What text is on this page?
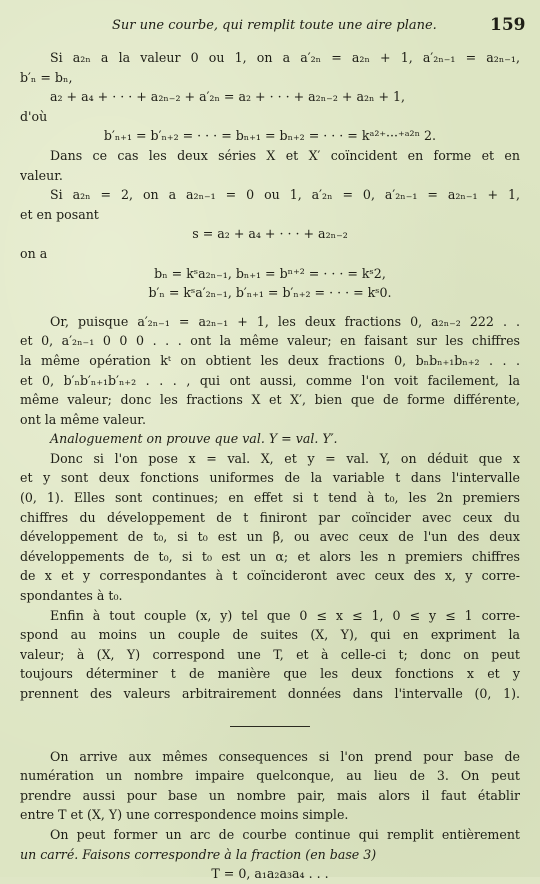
Sur une courbe, qui remplit toute une aire plane.	159
Si a₂ₙ a la valeur 0 ou 1, on a a′₂ₙ = a₂ₙ + 1, a′₂ₙ₋₁ = a₂ₙ₋₁,
b′ₙ = bₙ,
a₂ + a₄ + · · · + a₂ₙ₋₂ + a′₂ₙ = a₂ + · · · + a₂ₙ₋₂ + a₂ₙ + 1,
d'où
b′ₙ₊₁ = b′ₙ₊₂ = · · · = bₙ₊₁ = bₙ₊₂ = · · · = kᵃ²⁺···⁺ᵃ²ⁿ 2.
Dans ce cas les deux séries X et X′ coïncident en forme et en
valeur.
Si a₂ₙ = 2, on a a₂ₙ₋₁ = 0 ou 1, a′₂ₙ = 0, a′₂ₙ₋₁ = a₂ₙ₋₁ + 1,
et en posant
s = a₂ + a₄ + · · · + a₂ₙ₋₂
on a
bₙ = kˢa₂ₙ₋₁, bₙ₊₁ = bⁿ⁺² = · · · = kˢ2,
b′ₙ = kˢa′₂ₙ₋₁, b′ₙ₊₁ = b′ₙ₊₂ = · · · = kˢ0.
Or, puisque a′₂ₙ₋₁ = a₂ₙ₋₁ + 1, les deux fractions 0, a₂ₙ₋₂ 222 . .
et 0, a′₂ₙ₋₁ 0 0 0 . . . ont la même valeur; en faisant sur les chiffres
la même opération kᵗ on obtient les deux fractions 0, bₙbₙ₊₁bₙ₊₂ . . .
et 0, b′ₙb′ₙ₊₁b′ₙ₊₂ . . . , qui ont aussi, comme l'on voit facilement, la
même valeur; donc les fractions X et X′, bien que de forme différente,
ont la même valeur.
Analoguement on prouve que val. Y = val. Y′.
Donc si l'on pose x = val. X, et y = val. Y, on déduit que x
et y sont deux fonctions uniformes de la variable t dans l'intervalle
(0, 1). Elles sont continues; en effet si t tend à t₀, les 2n premiers
chiffres du développement de t finiront par coïncider avec ceux du
développement de t₀, si t₀ est un β, ou avec ceux de l'un des deux
développements de t₀, si t₀ est un α; et alors les n premiers chiffres
de x et y correspondantes à t coïncideront avec ceux des x, y corre-
spondantes à t₀.
Enfin à tout couple (x, y) tel que 0 ≤ x ≤ 1, 0 ≤ y ≤ 1 corre-
spond au moins un couple de suites (X, Y), qui en expriment la
valeur; à (X, Y) correspond une T, et à celle-ci t; donc on peut
toujours déterminer t de manière que les deux fonctions x et y
prennent des valeurs arbitrairement données dans l'intervalle (0, 1).
On arrive aux mêmes consequences si l'on prend pour base de
numération un nombre impaire quelconque, au lieu de 3. On peut
prendre aussi pour base un nombre pair, mais alors il faut établir
entre T et (X, Y) une correspondence moins simple.
On peut former un arc de courbe continue qui remplit entièrement
un carré. Faisons correspondre à la fraction (en base 3)
T = 0, a₁a₂a₃a₄ . . .
